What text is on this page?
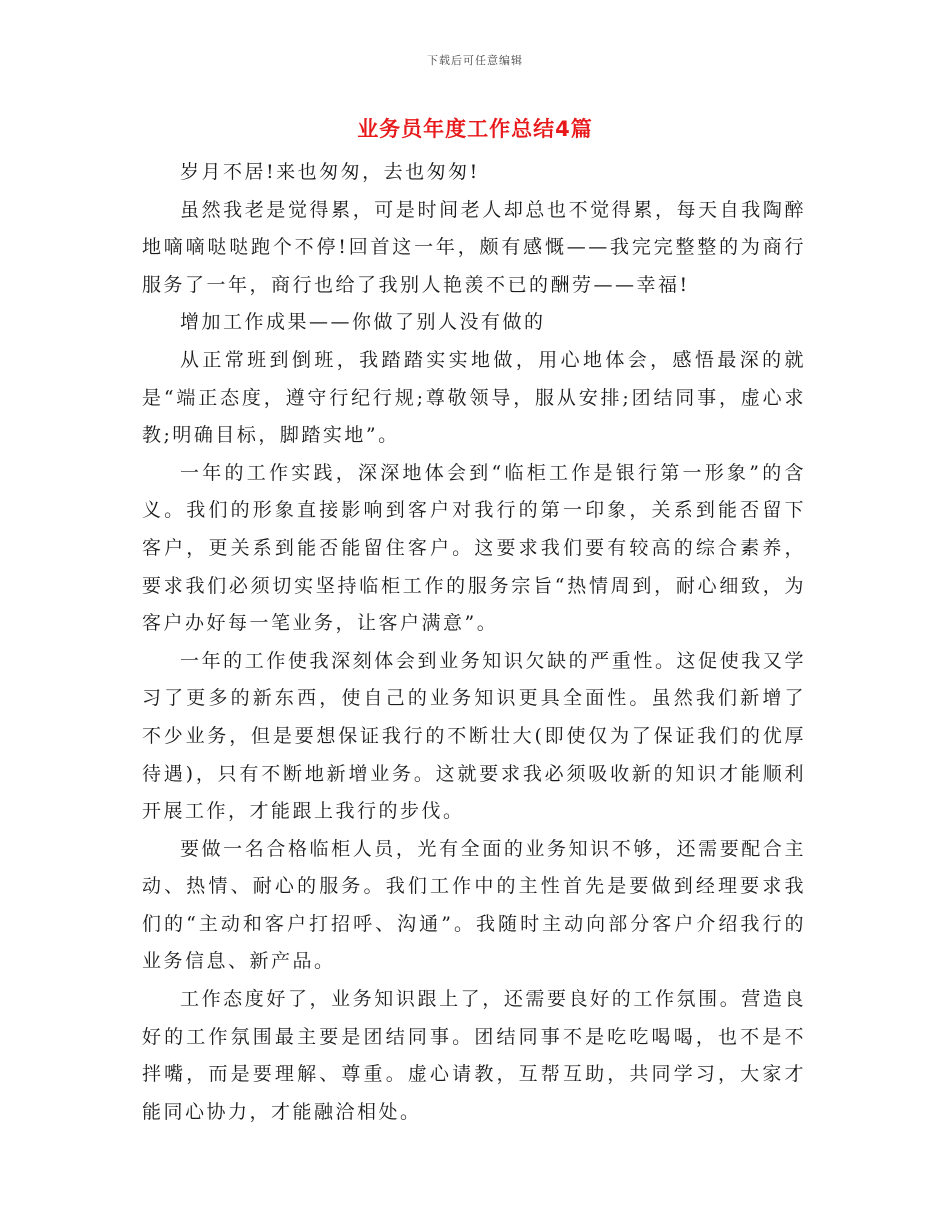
下载后可任意编辑
业务员年度工作总结4篇

岁月不居!来也匆匆，去也匆匆!

虽然我老是觉得累，可是时间老人却总也不觉得累，每天自我陶醉地嘀嘀哒哒跑个不停!回首这一年，颇有感慨——我完完整整的为商行服务了一年，商行也给了我别人艳羡不已的酬劳——幸福!

增加工作成果——你做了别人没有做的

从正常班到倒班，我踏踏实实地做，用心地体会，感悟最深的就是“端正态度，遵守行纪行规;尊敬领导，服从安排;团结同事，虚心求教;明确目标，脚踏实地”。

一年的工作实践，深深地体会到“临柜工作是银行第一形象”的含义。我们的形象直接影响到客户对我行的第一印象，关系到能否留下客户，更关系到能否能留住客户。这要求我们要有较高的综合素养，要求我们必须切实坚持临柜工作的服务宗旨“热情周到，耐心细致，为客户办好每一笔业务，让客户满意”。

一年的工作使我深刻体会到业务知识欠缺的严重性。这促使我又学习了更多的新东西，使自己的业务知识更具全面性。虽然我们新增了不少业务，但是要想保证我行的不断壮大(即使仅为了保证我们的优厚待遇)，只有不断地新增业务。这就要求我必须吸收新的知识才能顺利开展工作，才能跟上我行的步伐。

要做一名合格临柜人员，光有全面的业务知识不够，还需要配合主动、热情、耐心的服务。我们工作中的主性首先是要做到经理要求我们的“主动和客户打招呼、沟通”。我随时主动向部分客户介绍我行的业务信息、新产品。

工作态度好了，业务知识跟上了，还需要良好的工作氛围。营造良好的工作氛围最主要是团结同事。团结同事不是吃吃喝喝，也不是不拌嘴，而是要理解、尊重。虚心请教，互帮互助，共同学习，大家才能同心协力，才能融洽相处。
